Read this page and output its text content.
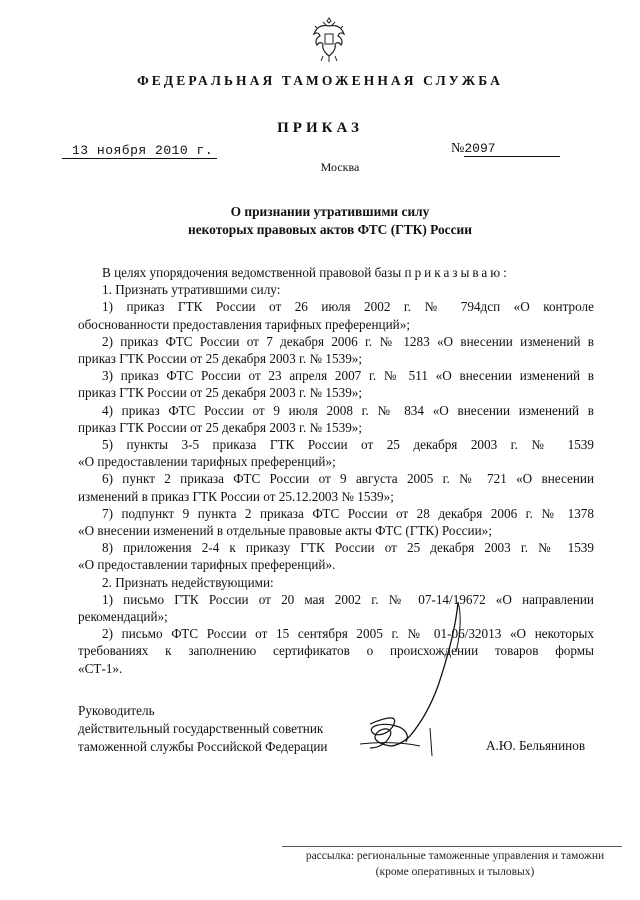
ФЕДЕРАЛЬНАЯ ТАМОЖЕННАЯ СЛУЖБА
ПРИКАЗ
13 ноября 2010 г.	№2097
Москва
О признании утратившими силу
некоторых правовых актов ФТС (ГТК) России
В целях упорядочения ведомственной правовой базы приказываю:
1. Признать утратившими силу:
1) приказ ГТК России от 26 июля 2002 г. № 794дсп «О контроле
обоснованности предоставления тарифных преференций»;
2) приказ ФТС России от 7 декабря 2006 г. № 1283 «О внесении изменений в
приказ ГТК России от 25 декабря 2003 г. № 1539»;
3) приказ ФТС России от 23 апреля 2007 г. № 511 «О внесении изменений в
приказ ГТК России от 25 декабря 2003 г. № 1539»;
4) приказ ФТС России от 9 июля 2008 г. № 834 «О внесении изменений в
приказ ГТК России от 25 декабря 2003 г. № 1539»;
5) пункты 3-5 приказа ГТК России от 25 декабря 2003 г. № 1539
«О предоставлении тарифных преференций»;
6) пункт 2 приказа ФТС России от 9 августа 2005 г. № 721 «О внесении
изменений в приказ ГТК России от 25.12.2003 № 1539»;
7) подпункт 9 пункта 2 приказа ФТС России от 28 декабря 2006 г. № 1378
«О внесении изменений в отдельные правовые акты ФТС (ГТК) России»;
8) приложения 2-4 к приказу ГТК России от 25 декабря 2003 г. № 1539
«О предоставлении тарифных преференций».
2. Признать недействующими:
1) письмо ГТК России от 20 мая 2002 г. № 07-14/19672 «О направлении
рекомендаций»;
2) письмо ФТС России от 15 сентября 2005 г. № 01-06/32013 «О некоторых
требованиях к заполнению сертификатов о происхождении товаров формы
«СТ-1».
Руководитель
действительный государственный советник
таможенной службы Российской Федерации	А.Ю. Бельянинов
рассылка: региональные таможенные управления и таможни
(кроме оперативных и тыловых)
